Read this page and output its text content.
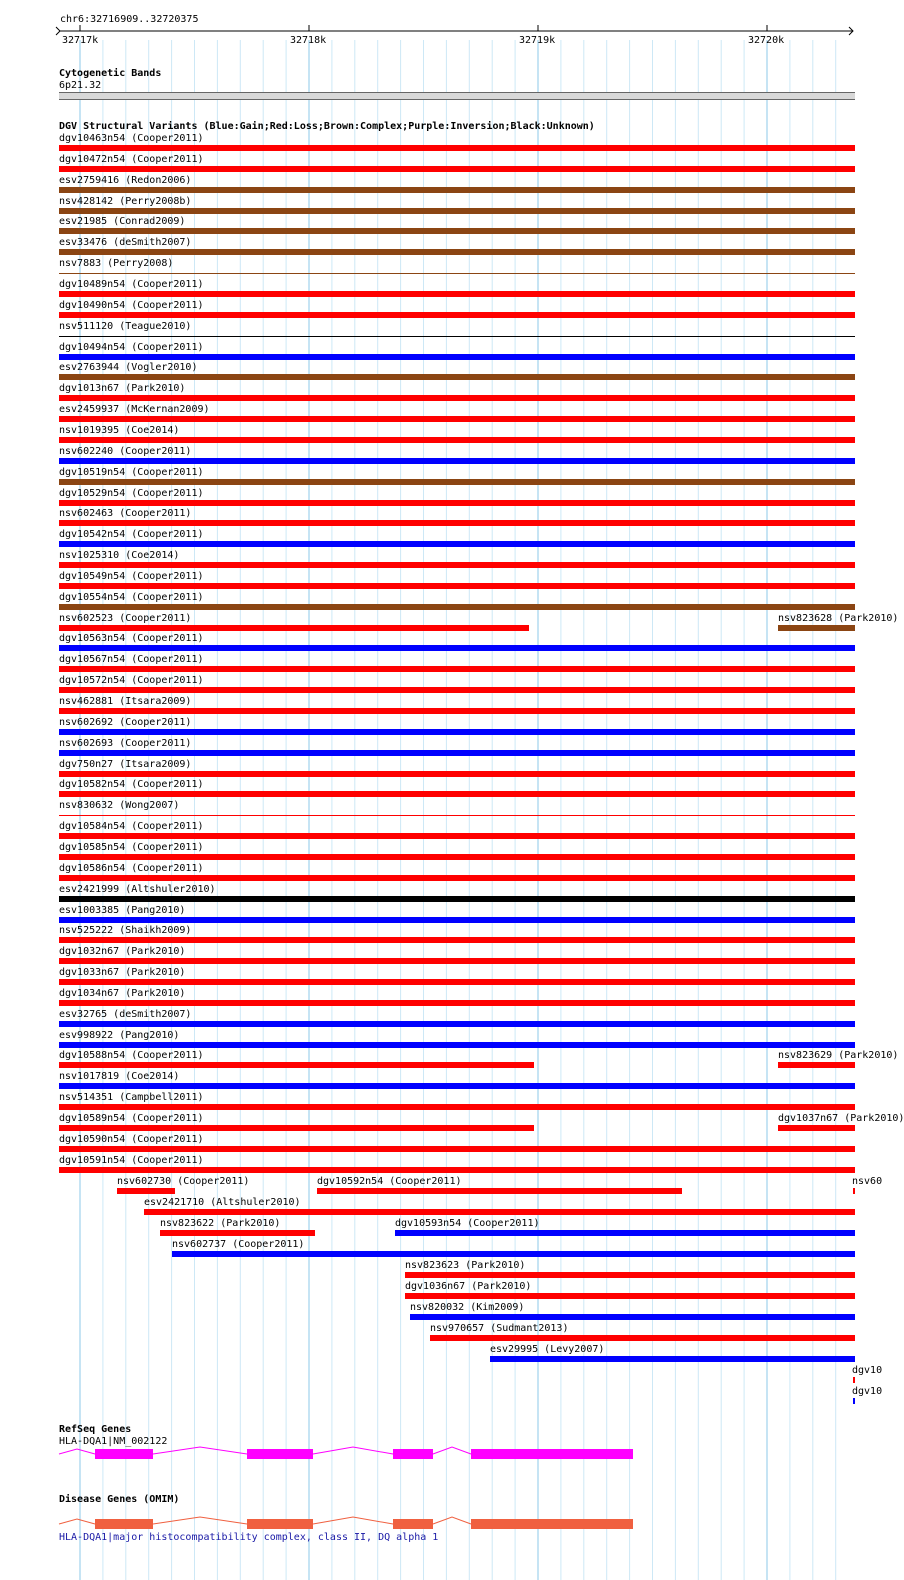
chr6:32716909..32720375
32717k	32718k	32719k	32720k
Cytogenetic Bands
6p21.32
DGV Structural Variants (Blue:Gain;Red:Loss;Brown:Complex;Purple:Inversion;Black:Unknown)
dgv10463n54 (Cooper2011)
dgv10472n54 (Cooper2011)
esv2759416 (Redon2006)
nsv428142 (Perry2008b)
esv21985 (Conrad2009)
esv33476 (deSmith2007)
nsv7883 (Perry2008)
dgv10489n54 (Cooper2011)
dgv10490n54 (Cooper2011)
nsv511120 (Teague2010)
dgv10494n54 (Cooper2011)
esv2763944 (Vogler2010)
dgv1013n67 (Park2010)
esv2459937 (McKernan2009)
nsv1019395 (Coe2014)
nsv602240 (Cooper2011)
dgv10519n54 (Cooper2011)
dgv10529n54 (Cooper2011)
nsv602463 (Cooper2011)
dgv10542n54 (Cooper2011)
nsv1025310 (Coe2014)
dgv10549n54 (Cooper2011)
dgv10554n54 (Cooper2011)
nsv602523 (Cooper2011)
dgv10563n54 (Cooper2011)
dgv10567n54 (Cooper2011)
dgv10572n54 (Cooper2011)
nsv462881 (Itsara2009)
nsv602692 (Cooper2011)
nsv602693 (Cooper2011)
dgv750n27 (Itsara2009)
dgv10582n54 (Cooper2011)
nsv830632 (Wong2007)
dgv10584n54 (Cooper2011)
dgv10585n54 (Cooper2011)
dgv10586n54 (Cooper2011)
esv2421999 (Altshuler2010)
esv1003385 (Pang2010)
nsv525222 (Shaikh2009)
dgv1032n67 (Park2010)
dgv1033n67 (Park2010)
dgv1034n67 (Park2010)
esv32765 (deSmith2007)
esv998922 (Pang2010)
dgv10588n54 (Cooper2011)
nsv1017819 (Coe2014)
nsv514351 (Campbell2011)
dgv10589n54 (Cooper2011)
dgv10590n54 (Cooper2011)
dgv10591n54 (Cooper2011)
nsv823628 (Park2010)
nsv823629 (Park2010)
dgv1037n67 (Park2010)
nsv602730 (Cooper2011)	dgv10592n54 (Cooper2011)	nsv60
esv2421710 (Altshuler2010)
nsv823622 (Park2010)	dgv10593n54 (Cooper2011)
nsv602737 (Cooper2011)
nsv823623 (Park2010)
dgv1036n67 (Park2010)
nsv820032 (Kim2009)
nsv970657 (Sudmant2013)
esv29995 (Levy2007)
dgv10
dgv10
RefSeq Genes
HLA-DQA1|NM_002122
Disease Genes (OMIM)
HLA-DQA1|major histocompatibility complex, class II, DQ alpha 1
